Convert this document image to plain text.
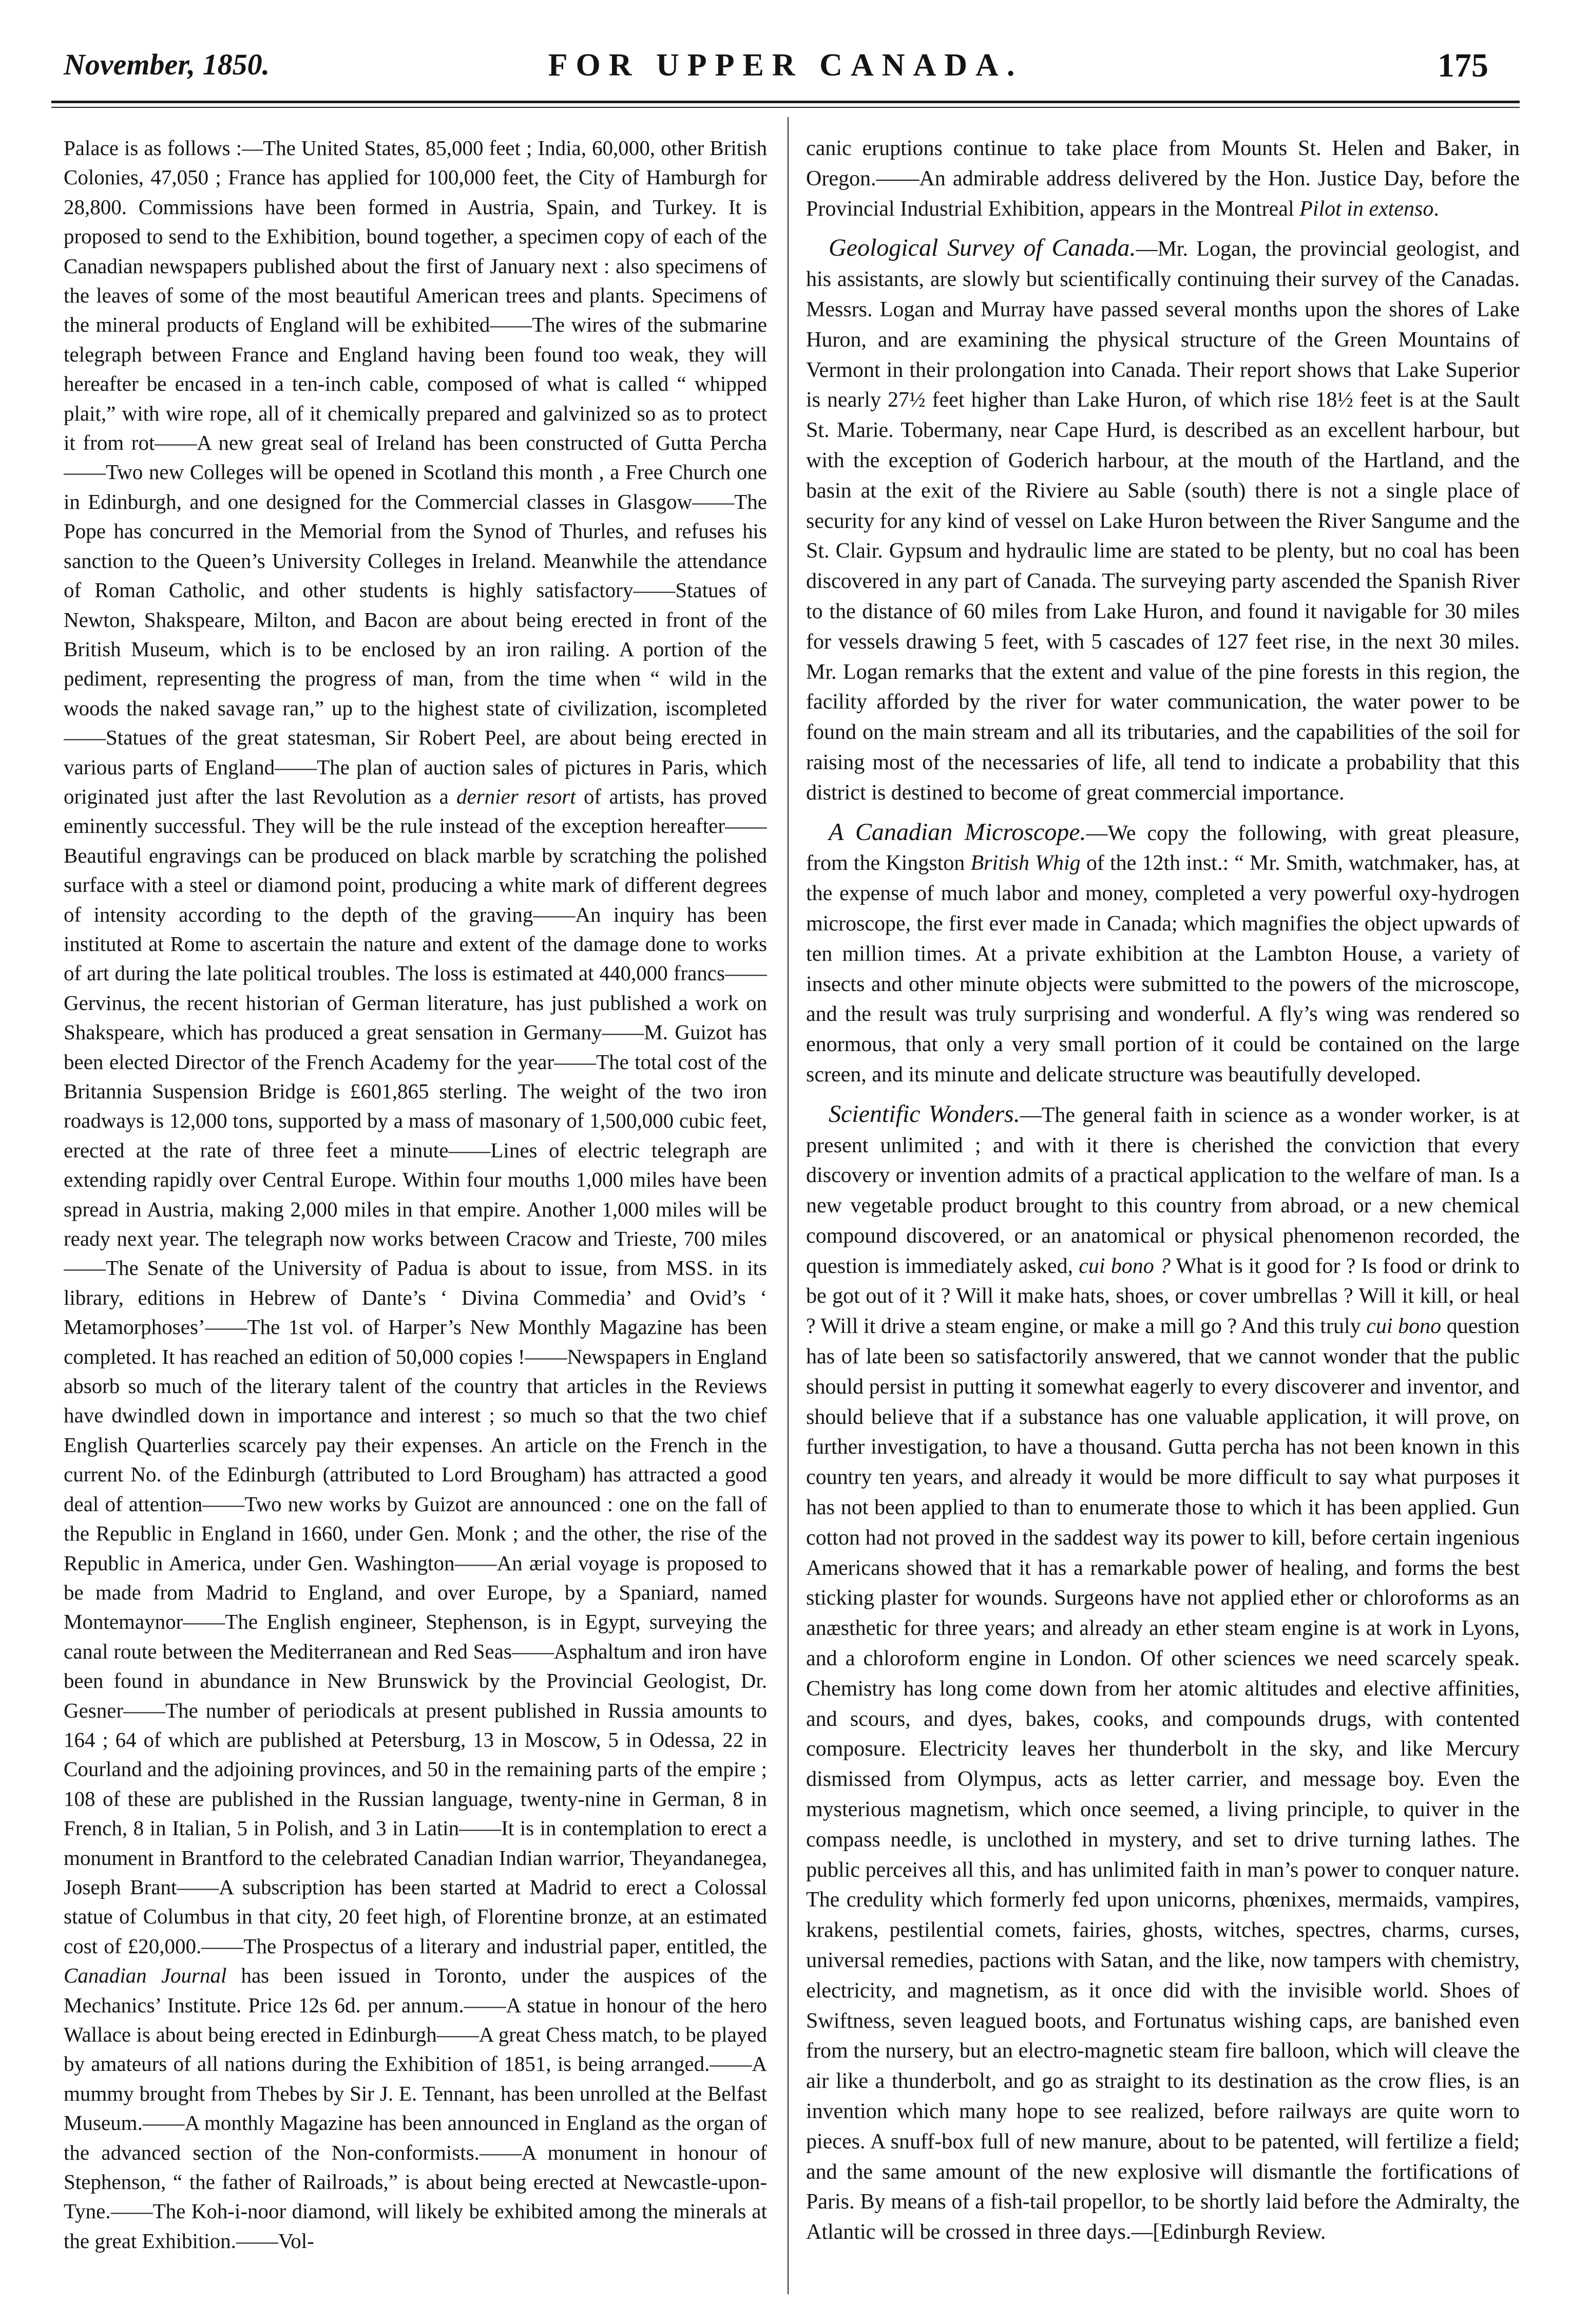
November, 1850.	FOR UPPER CANADA.	175

Palace is as follows :—The United States, 85,000 feet ; India, 60,000, other British Colonies, 47,050 ; France has applied for 100,000 feet, the City of Hamburgh for 28,800. Commissions have been formed in Austria, Spain, and Turkey. It is proposed to send to the Exhibition, bound together, a specimen copy of each of the Canadian newspapers published about the first of January next : also specimens of the leaves of some of the most beautiful American trees and plants. Specimens of the mineral products of England will be exhibited——The wires of the submarine telegraph between France and England having been found too weak, they will hereafter be encased in a ten-inch cable, composed of what is called “ whipped plait,” with wire rope, all of it chemically prepared and galvinized so as to protect it from rot——A new great seal of Ireland has been constructed of Gutta Percha——Two new Colleges will be opened in Scotland this month , a Free Church one in Edinburgh, and one designed for the Commercial classes in Glasgow——The Pope has concurred in the Memorial from the Synod of Thurles, and refuses his sanction to the Queen’s University Colleges in Ireland. Meanwhile the attendance of Roman Catholic, and other students is highly satisfactory——Statues of Newton, Shakspeare, Milton, and Bacon are about being erected in front of the British Museum, which is to be enclosed by an iron railing. A portion of the pediment, representing the progress of man, from the time when “ wild in the woods the naked savage ran,” up to the highest state of civilization, iscompleted——Statues of the great statesman, Sir Robert Peel, are about being erected in various parts of England——The plan of auction sales of pictures in Paris, which originated just after the last Revolution as a dernier resort of artists, has proved eminently successful. They will be the rule instead of the exception hereafter——Beautiful engravings can be produced on black marble by scratching the polished surface with a steel or diamond point, producing a white mark of different degrees of intensity according to the depth of the graving——An inquiry has been instituted at Rome to ascertain the nature and extent of the damage done to works of art during the late political troubles. The loss is estimated at 440,000 francs——Gervinus, the recent historian of German literature, has just published a work on Shakspeare, which has produced a great sensation in Germany——M. Guizot has been elected Director of the French Academy for the year——The total cost of the Britannia Suspension Bridge is £601,865 sterling. The weight of the two iron roadways is 12,000 tons, supported by a mass of masonary of 1,500,000 cubic feet, erected at the rate of three feet a minute——Lines of electric telegraph are extending rapidly over Central Europe. Within four mouths 1,000 miles have been spread in Austria, making 2,000 miles in that empire. Another 1,000 miles will be ready next year. The telegraph now works between Cracow and Trieste, 700 miles——The Senate of the University of Padua is about to issue, from MSS. in its library, editions in Hebrew of Dante’s ‘ Divina Commedia’ and Ovid’s ‘ Metamorphoses’——The 1st vol. of Harper’s New Monthly Magazine has been completed. It has reached an edition of 50,000 copies !——Newspapers in England absorb so much of the literary talent of the country that articles in the Reviews have dwindled down in importance and interest ; so much so that the two chief English Quarterlies scarcely pay their expenses. An article on the French in the current No. of the Edinburgh (attributed to Lord Brougham) has attracted a good deal of attention——Two new works by Guizot are announced : one on the fall of the Republic in England in 1660, under Gen. Monk ; and the other, the rise of the Republic in America, under Gen. Washington——An ærial voyage is proposed to be made from Madrid to England, and over Europe, by a Spaniard, named Montemaynor——The English engineer, Stephenson, is in Egypt, surveying the canal route between the Mediterranean and Red Seas——Asphaltum and iron have been found in abundance in New Brunswick by the Provincial Geologist, Dr. Gesner——The number of periodicals at present published in Russia amounts to 164 ; 64 of which are published at Petersburg, 13 in Moscow, 5 in Odessa, 22 in Courland and the adjoining provinces, and 50 in the remaining parts of the empire ; 108 of these are published in the Russian language, twenty-nine in German, 8 in French, 8 in Italian, 5 in Polish, and 3 in Latin——It is in contemplation to erect a monument in Brantford to the celebrated Canadian Indian warrior, Theyandanegea, Joseph Brant——A subscription has been started at Madrid to erect a Colossal statue of Columbus in that city, 20 feet high, of Florentine bronze, at an estimated cost of £20,000.——The Prospectus of a literary and industrial paper, entitled, the Canadian Journal has been issued in Toronto, under the auspices of the Mechanics’ Institute. Price 12s 6d. per annum.——A statue in honour of the hero Wallace is about being erected in Edinburgh——A great Chess match, to be played by amateurs of all nations during the Exhibition of 1851, is being arranged.——A mummy brought from Thebes by Sir J. E. Tennant, has been unrolled at the Belfast Museum.——A monthly Magazine has been announced in England as the organ of the advanced section of the Non-conformists.——A monument in honour of Stephenson, “ the father of Railroads,” is about being erected at Newcastle-upon-Tyne.——The Koh-i-noor diamond, will likely be exhibited among the minerals at the great Exhibition.——Vol-

canic eruptions continue to take place from Mounts St. Helen and Baker, in Oregon.——An admirable address delivered by the Hon. Justice Day, before the Provincial Industrial Exhibition, appears in the Montreal Pilot in extenso.

Geological Survey of Canada.—Mr. Logan, the provincial geologist, and his assistants, are slowly but scientifically continuing their survey of the Canadas. Messrs. Logan and Murray have passed several months upon the shores of Lake Huron, and are examining the physical structure of the Green Mountains of Vermont in their prolongation into Canada. Their report shows that Lake Superior is nearly 27½ feet higher than Lake Huron, of which rise 18½ feet is at the Sault St. Marie. Tobermany, near Cape Hurd, is described as an excellent harbour, but with the exception of Goderich harbour, at the mouth of the Hartland, and the basin at the exit of the Riviere au Sable (south) there is not a single place of security for any kind of vessel on Lake Huron between the River Sangume and the St. Clair. Gypsum and hydraulic lime are stated to be plenty, but no coal has been discovered in any part of Canada. The surveying party ascended the Spanish River to the distance of 60 miles from Lake Huron, and found it navigable for 30 miles for vessels drawing 5 feet, with 5 cascades of 127 feet rise, in the next 30 miles. Mr. Logan remarks that the extent and value of the pine forests in this region, the facility afforded by the river for water communication, the water power to be found on the main stream and all its tributaries, and the capabilities of the soil for raising most of the necessaries of life, all tend to indicate a probability that this district is destined to become of great commercial importance.

A Canadian Microscope.—We copy the following, with great pleasure, from the Kingston British Whig of the 12th inst.: “ Mr. Smith, watchmaker, has, at the expense of much labor and money, completed a very powerful oxy-hydrogen microscope, the first ever made in Canada; which magnifies the object upwards of ten million times. At a private exhibition at the Lambton House, a variety of insects and other minute objects were submitted to the powers of the microscope, and the result was truly surprising and wonderful. A fly’s wing was rendered so enormous, that only a very small portion of it could be contained on the large screen, and its minute and delicate structure was beautifully developed.

Scientific Wonders.—The general faith in science as a wonder worker, is at present unlimited ; and with it there is cherished the conviction that every discovery or invention admits of a practical application to the welfare of man. Is a new vegetable product brought to this country from abroad, or a new chemical compound discovered, or an anatomical or physical phenomenon recorded, the question is immediately asked, cui bono ? What is it good for ? Is food or drink to be got out of it ? Will it make hats, shoes, or cover umbrellas ? Will it kill, or heal ? Will it drive a steam engine, or make a mill go ? And this truly cui bono question has of late been so satisfactorily answered, that we cannot wonder that the public should persist in putting it somewhat eagerly to every discoverer and inventor, and should believe that if a substance has one valuable application, it will prove, on further investigation, to have a thousand. Gutta percha has not been known in this country ten years, and already it would be more difficult to say what purposes it has not been applied to than to enumerate those to which it has been applied. Gun cotton had not proved in the saddest way its power to kill, before certain ingenious Americans showed that it has a remarkable power of healing, and forms the best sticking plaster for wounds. Surgeons have not applied ether or chloroforms as an anæsthetic for three years; and already an ether steam engine is at work in Lyons, and a chloroform engine in London. Of other sciences we need scarcely speak. Chemistry has long come down from her atomic altitudes and elective affinities, and scours, and dyes, bakes, cooks, and compounds drugs, with contented composure. Electricity leaves her thunderbolt in the sky, and like Mercury dismissed from Olympus, acts as letter carrier, and message boy. Even the mysterious magnetism, which once seemed, a living principle, to quiver in the compass needle, is unclothed in mystery, and set to drive turning lathes. The public perceives all this, and has unlimited faith in man’s power to conquer nature. The credulity which formerly fed upon unicorns, phœnixes, mermaids, vampires, krakens, pestilential comets, fairies, ghosts, witches, spectres, charms, curses, universal remedies, pactions with Satan, and the like, now tampers with chemistry, electricity, and magnetism, as it once did with the invisible world. Shoes of Swiftness, seven leagued boots, and Fortunatus wishing caps, are banished even from the nursery, but an electro-magnetic steam fire balloon, which will cleave the air like a thunderbolt, and go as straight to its destination as the crow flies, is an invention which many hope to see realized, before railways are quite worn to pieces. A snuff-box full of new manure, about to be patented, will fertilize a field; and the same amount of the new explosive will dismantle the fortifications of Paris. By means of a fish-tail propellor, to be shortly laid before the Admiralty, the Atlantic will be crossed in three days.—[Edinburgh Review.
